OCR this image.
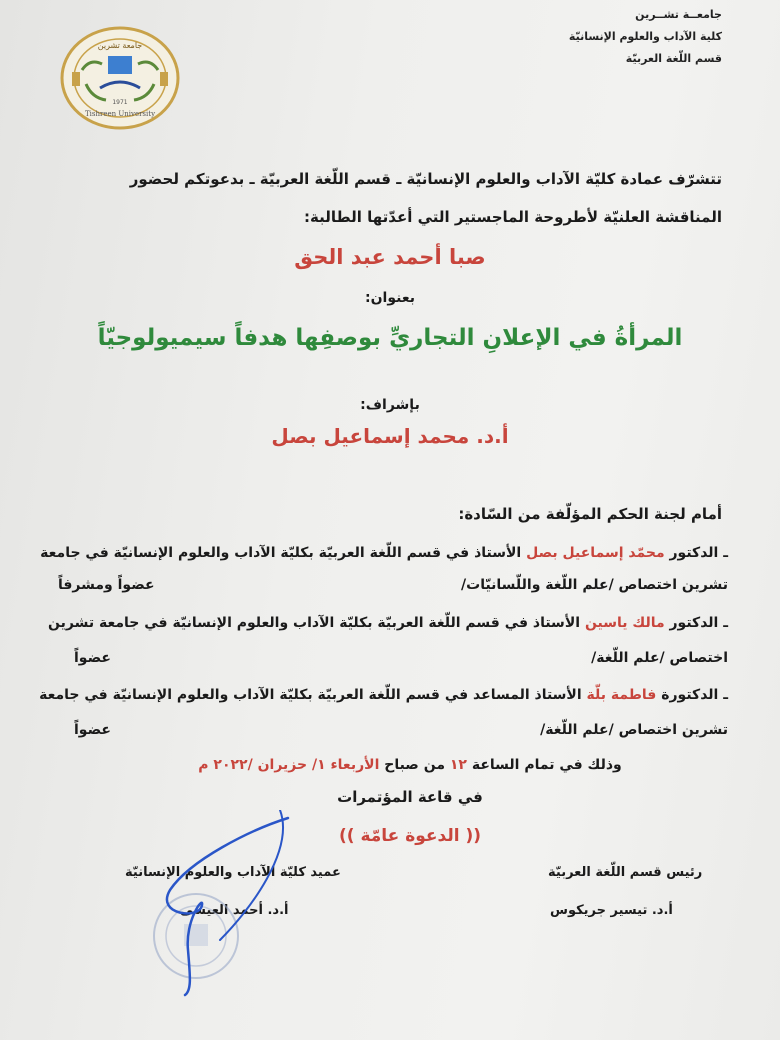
جامعــة تشــرين
كلية الآداب والعلوم الإنسانيّة
قسم اللّغة العربيّة
جامعة تشرين
1971
Tishreen University
تتشرّف عمادة كليّة الآداب والعلوم الإنسانيّة ـ قسم اللّغة العربيّة ـ بدعوتكم لحضور
المناقشة العلنيّة لأطروحة الماجستير التي أعدّتها الطالبة:
صبا أحمد عبد الحق
بعنوان:
المرأةُ في الإعلانِ التجاريِّ بوصفِها هدفاً سيميولوجيّاً
بإشراف:
أ.د. محمد إسماعيل بصل
أمام لجنة الحكم المؤلّفة من السّادة:
ـ الدكتور محمّد إسماعيل بصل الأستاذ في قسم اللّغة العربيّة بكليّة الآداب والعلوم الإنسانيّة في جامعة
تشرين اختصاص /علم اللّغة واللّسانيّات/
عضواً ومشرفاً
ـ الدكتور مالك ياسين الأستاذ في قسم اللّغة العربيّة بكليّة الآداب والعلوم الإنسانيّة في جامعة تشرين
اختصاص /علم اللّغة/
عضواً
ـ الدكتورة فاطمة بلّة الأستاذ المساعد في قسم اللّغة العربيّة بكليّة الآداب والعلوم الإنسانيّة في جامعة
تشرين اختصاص /علم اللّغة/
عضواً
وذلك في تمام الساعة ١٢ من صباح الأربعاء ١/ حزيران /٢٠٢٢ م
في قاعة المؤتمرات
(( الدعوة عامّة ))
عميد كليّة الآداب والعلوم الإنسانيّة
أ.د. أحمد العيسى
رئيس قسم اللّغة العربيّة
أ.د. تيسير جريكوس
